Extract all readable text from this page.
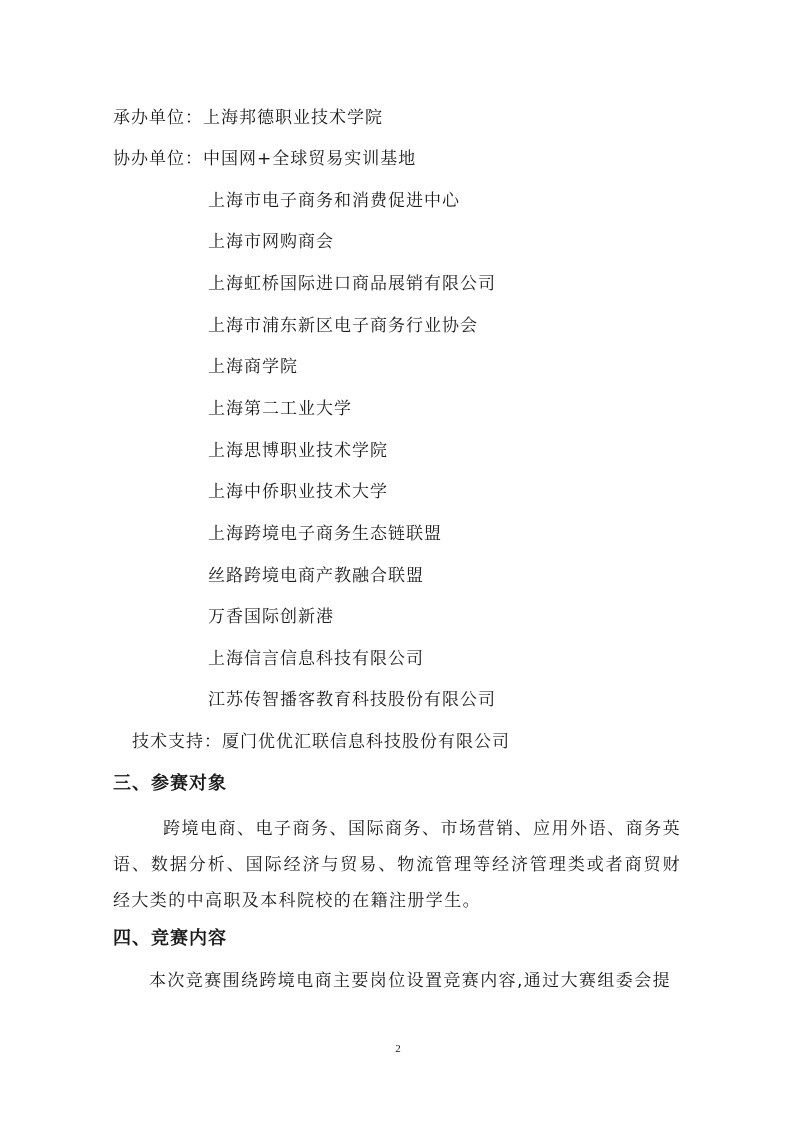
承办单位：上海邦德职业技术学院
协办单位：中国网+全球贸易实训基地
上海市电子商务和消费促进中心
上海市网购商会
上海虹桥国际进口商品展销有限公司
上海市浦东新区电子商务行业协会
上海商学院
上海第二工业大学
上海思博职业技术学院
上海中侨职业技术大学
上海跨境电子商务生态链联盟
丝路跨境电商产教融合联盟
万香国际创新港
上海信言信息科技有限公司
江苏传智播客教育科技股份有限公司
技术支持：厦门优优汇联信息科技股份有限公司
三、参赛对象
跨境电商、电子商务、国际商务、市场营销、应用外语、商务英语、数据分析、国际经济与贸易、物流管理等经济管理类或者商贸财经大类的中高职及本科院校的在籍注册学生。
四、竞赛内容
本次竞赛围绕跨境电商主要岗位设置竞赛内容,通过大赛组委会提
2
